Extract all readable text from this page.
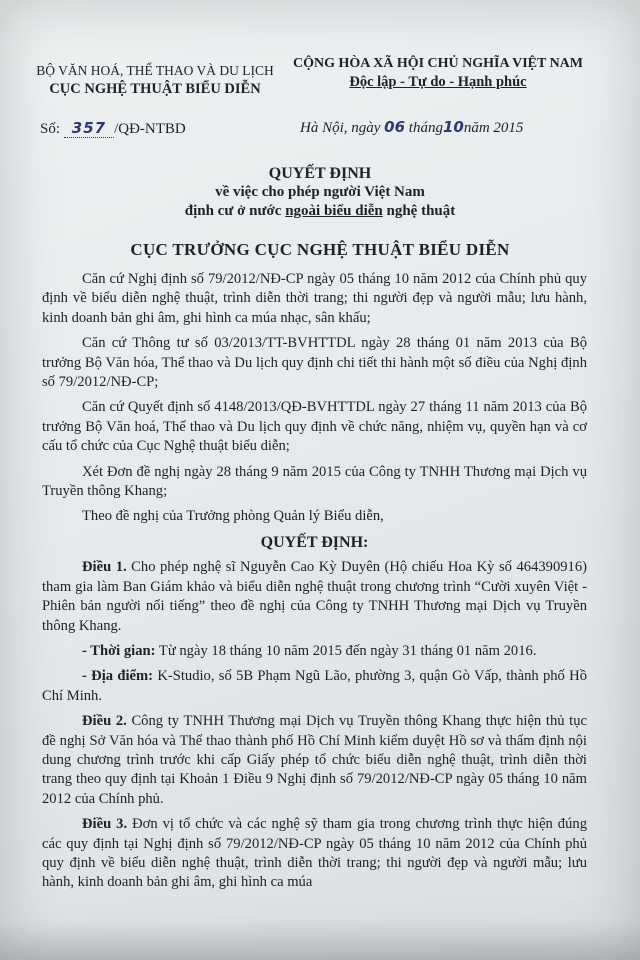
BỘ VĂN HOÁ, THỂ THAO VÀ DU LỊCH
CỤC NGHỆ THUẬT BIỂU DIỄN
CỘNG HÒA XÃ HỘI CHỦ NGHĨA VIỆT NAM
Độc lập - Tự do - Hạnh phúc
Số: 357 /QĐ-NTBD	Hà Nội, ngày 06 tháng10năm 2015
QUYẾT ĐỊNH
về việc cho phép người Việt Nam
định cư ở nước ngoài biểu diễn nghệ thuật
CỤC TRƯỞNG CỤC NGHỆ THUẬT BIỂU DIỄN

Căn cứ Nghị định số 79/2012/NĐ-CP ngày 05 tháng 10 năm 2012 của Chính phủ quy định về biểu diễn nghệ thuật, trình diễn thời trang; thi người đẹp và người mẫu; lưu hành, kinh doanh bản ghi âm, ghi hình ca múa nhạc, sân khấu;

Căn cứ Thông tư số 03/2013/TT-BVHTTDL ngày 28 tháng 01 năm 2013 của Bộ trưởng Bộ Văn hóa, Thể thao và Du lịch quy định chi tiết thi hành một số điều của Nghị định số 79/2012/NĐ-CP;

Căn cứ Quyết định số 4148/2013/QĐ-BVHTTDL ngày 27 tháng 11 năm 2013 của Bộ trưởng Bộ Văn hoá, Thể thao và Du lịch quy định về chức năng, nhiệm vụ, quyền hạn và cơ cấu tổ chức của Cục Nghệ thuật biểu diễn;

Xét Đơn đề nghị ngày 28 tháng 9 năm 2015 của Công ty TNHH Thương mại Dịch vụ Truyền thông Khang;

Theo đề nghị của Trưởng phòng Quản lý Biểu diễn,

QUYẾT ĐỊNH:

Điều 1. Cho phép nghệ sĩ Nguyễn Cao Kỳ Duyên (Hộ chiếu Hoa Kỳ số 464390916) tham gia làm Ban Giám khảo và biểu diễn nghệ thuật trong chương trình “Cười xuyên Việt - Phiên bản người nổi tiếng” theo đề nghị của Công ty TNHH Thương mại Dịch vụ Truyền thông Khang.

- Thời gian: Từ ngày 18 tháng 10 năm 2015 đến ngày 31 tháng 01 năm 2016.

- Địa điểm: K-Studio, số 5B Phạm Ngũ Lão, phường 3, quận Gò Vấp, thành phố Hồ Chí Minh.

Điều 2. Công ty TNHH Thương mại Dịch vụ Truyền thông Khang thực hiện thủ tục đề nghị Sở Văn hóa và Thể thao thành phố Hồ Chí Minh kiểm duyệt Hồ sơ và thẩm định nội dung chương trình trước khi cấp Giấy phép tổ chức biểu diễn nghệ thuật, trình diễn thời trang theo quy định tại Khoản 1 Điều 9 Nghị định số 79/2012/NĐ-CP ngày 05 tháng 10 năm 2012 của Chính phủ.

Điều 3. Đơn vị tổ chức và các nghệ sỹ tham gia trong chương trình thực hiện đúng các quy định tại Nghị định số 79/2012/NĐ-CP ngày 05 tháng 10 năm 2012 của Chính phủ quy định về biểu diễn nghệ thuật, trình diễn thời trang; thi người đẹp và người mẫu; lưu hành, kinh doanh bản ghi âm, ghi hình ca múa
